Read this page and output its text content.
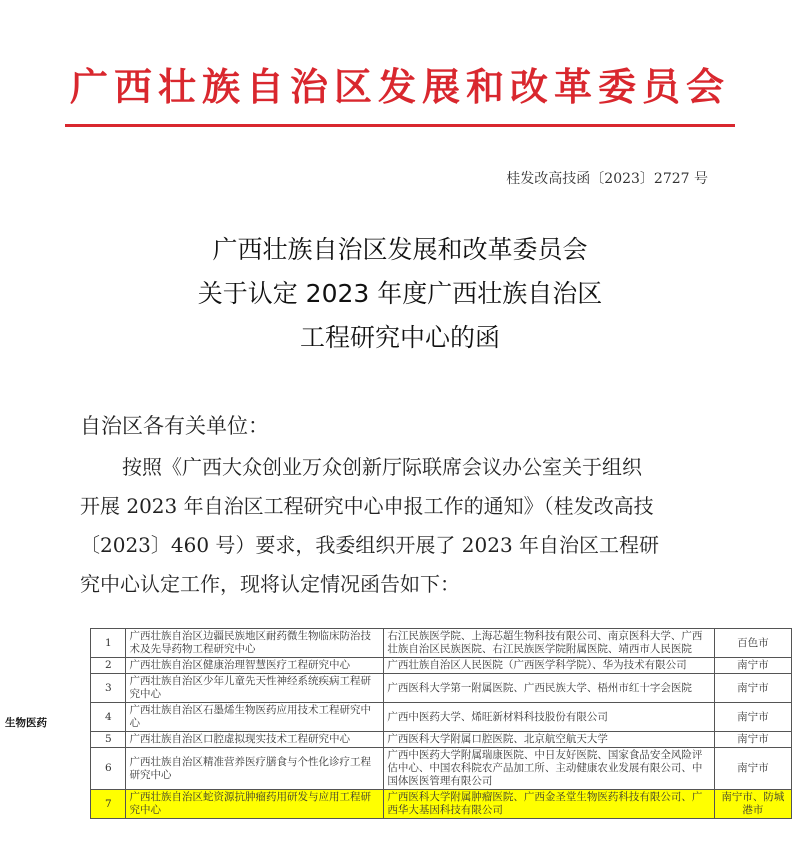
广西壮族自治区发展和改革委员会
桂发改高技函〔2023〕2727 号
广西壮族自治区发展和改革委员会
关于认定 2023 年度广西壮族自治区
工程研究中心的函
自治区各有关单位：
按照《广西大众创业万众创新厅际联席会议办公室关于组织
开展 2023 年自治区工程研究中心申报工作的通知》（桂发改高技
〔2023〕460 号）要求，我委组织开展了 2023 年自治区工程研
究中心认定工作，现将认定情况函告如下：
生物医药	1	广西壮族自治区边疆民族地区耐药微生物临床防治技术及先导药物工程研究中心	右江民族医学院、上海芯超生物科技有限公司、南京医科大学、广西壮族自治区民族医院、右江民族医学院附属医院、靖西市人民医院	百色市
	2	广西壮族自治区健康治理智慧医疗工程研究中心	广西壮族自治区人民医院（广西医学科学院）、华为技术有限公司	南宁市
	3	广西壮族自治区少年儿童先天性神经系统疾病工程研究中心	广西医科大学第一附属医院、广西民族大学、梧州市红十字会医院	南宁市
	4	广西壮族自治区石墨烯生物医药应用技术工程研究中心	广西中医药大学、烯旺新材料科技股份有限公司	南宁市
	5	广西壮族自治区口腔虚拟现实技术工程研究中心	广西医科大学附属口腔医院、北京航空航天大学	南宁市
	6	广西壮族自治区精准营养医疗膳食与个性化诊疗工程研究中心	广西中医药大学附属瑞康医院、中日友好医院、国家食品安全风险评估中心、中国农科院农产品加工所、主动健康农业发展有限公司、中国体医医管理有限公司	南宁市
	7	广西壮族自治区蛇资源抗肿瘤药用研发与应用工程研究中心	广西医科大学附属肿瘤医院、广西金圣堂生物医药科技有限公司、广西华大基因科技有限公司	南宁市、防城港市
